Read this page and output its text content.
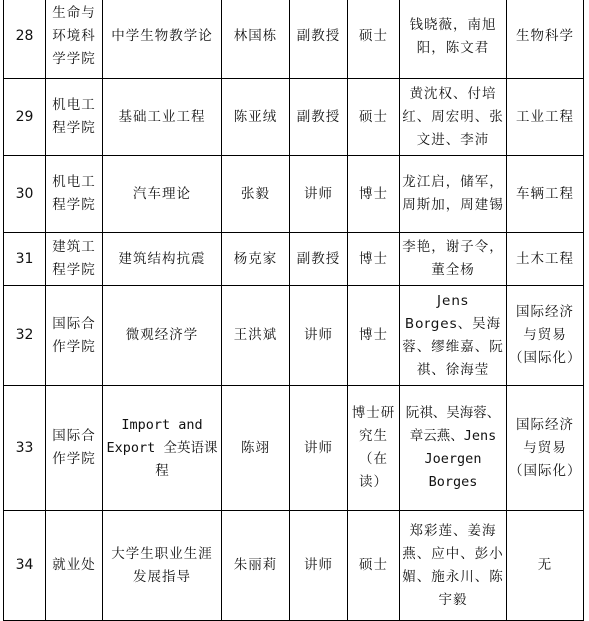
28	生命与环境科学学院	中学生物教学论	林国栋	副教授	硕士	钱晓薇，南旭阳，陈文君	生物科学
29	机电工程学院	基础工业工程	陈亚绒	副教授	硕士	黄沈权、付培红、周宏明、张文进、李沛	工业工程
30	机电工程学院	汽车理论	张毅	讲师	博士	龙江启，储军，周斯加，周建锡	车辆工程
31	建筑工程学院	建筑结构抗震	杨克家	副教授	博士	李艳，谢子令，董全杨	土木工程
32	国际合作学院	微观经济学	王洪斌	讲师	博士	Jens Borges、吴海蓉、缪维嘉、阮祺、徐海莹	国际经济与贸易（国际化）
33	国际合作学院	Import and Export 全英语课程	陈翊	讲师	博士研究生（在读）	阮祺、吴海蓉、章云燕、Jens Joergen Borges	国际经济与贸易（国际化）
34	就业处	大学生职业生涯发展指导	朱丽莉	讲师	硕士	郑彩莲、姜海燕、应中、彭小媚、施永川、陈宇毅	无
